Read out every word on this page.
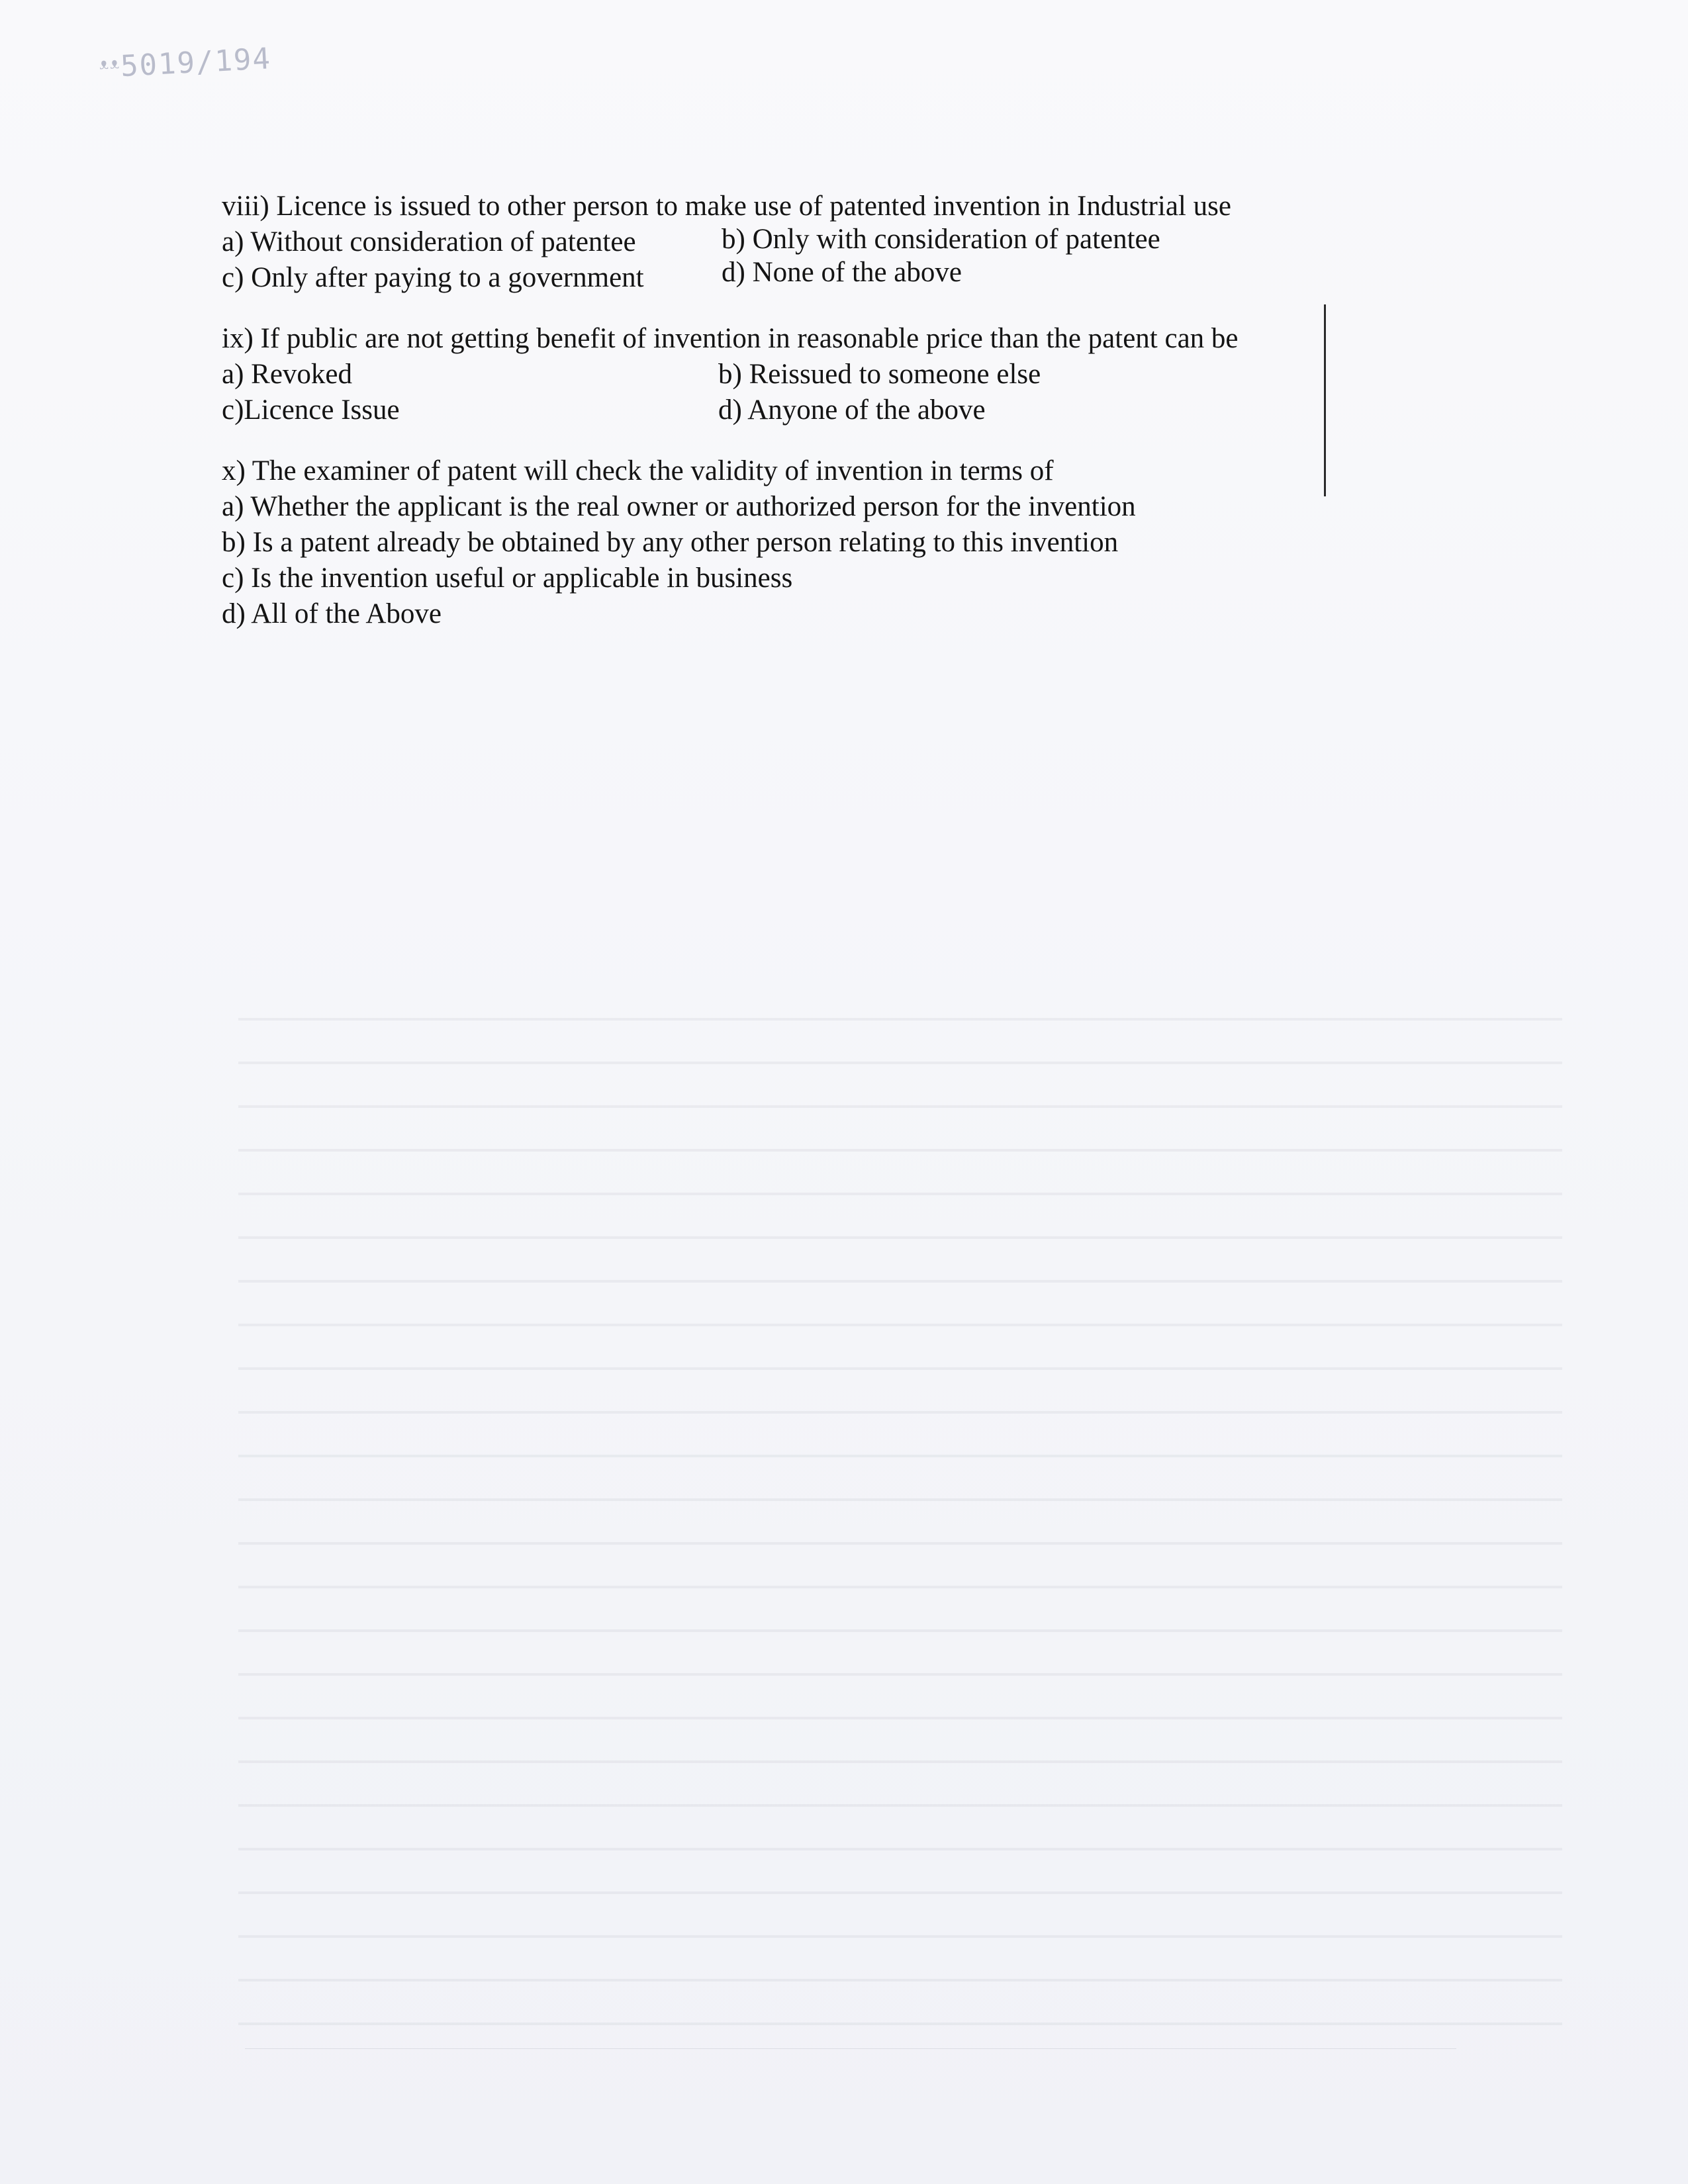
ᵜᵜ5019/194
viii) Licence is issued to other person to make use of patented invention in Industrial use
a) Without consideration of patentee	b) Only with consideration of patentee
c) Only after paying to a government	d) None of the above
ix) If public are not getting benefit of invention in reasonable price than the patent can be
a) Revoked	b) Reissued to someone else
c)Licence Issue	d) Anyone of the above
x) The examiner of patent will check the validity of invention in terms of
a) Whether the applicant is the real owner or authorized person for the invention
b) Is a patent already be obtained by any other person relating to this invention
c) Is the invention useful or applicable in business
d) All of the Above
